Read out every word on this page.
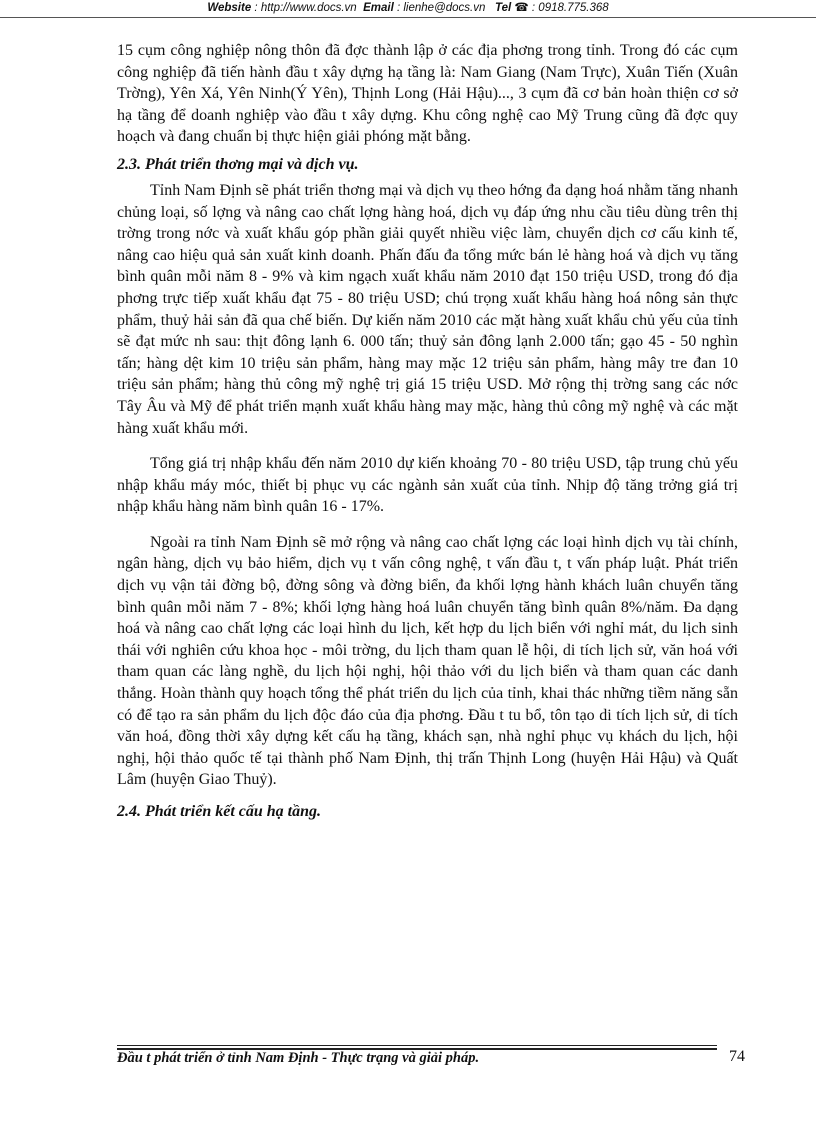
Website : http://www.docs.vn Email : lienhe@docs.vn Tel ☎ : 0918.775.368

15 cụm công nghiệp nông thôn đã đợc thành lập ở các địa phơng trong tỉnh. Trong đó các cụm công nghiệp đã tiến hành đầu t xây dựng hạ tầng là: Nam Giang (Nam Trực), Xuân Tiến (Xuân Trờng), Yên Xá, Yên Ninh(Ý Yên), Thịnh Long (Hải Hậu)..., 3 cụm đã cơ bản hoàn thiện cơ sở hạ tầng để doanh nghiệp vào đầu t xây dựng. Khu công nghệ cao Mỹ Trung cũng đã đợc quy hoạch và đang chuẩn bị thực hiện giải phóng mặt bằng.

2.3. Phát triển thơng mại và dịch vụ.

Tỉnh Nam Định sẽ phát triển thơng mại và dịch vụ theo hớng đa dạng hoá nhằm tăng nhanh chủng loại, số lợng và nâng cao chất lợng hàng hoá, dịch vụ đáp ứng nhu cầu tiêu dùng trên thị trờng trong nớc và xuất khẩu góp phần giải quyết nhiều việc làm, chuyển dịch cơ cấu kinh tế, nâng cao hiệu quả sản xuất kinh doanh. Phấn đấu đa tổng mức bán lẻ hàng hoá và dịch vụ tăng bình quân mỗi năm 8 - 9% và kim ngạch xuất khẩu năm 2010 đạt 150 triệu USD, trong đó địa phơng trực tiếp xuất khẩu đạt 75 - 80 triệu USD; chú trọng xuất khẩu hàng hoá nông sản thực phẩm, thuỷ hải sản đã qua chế biến. Dự kiến năm 2010 các mặt hàng xuất khẩu chủ yếu của tỉnh sẽ đạt mức nh sau: thịt đông lạnh 6. 000 tấn; thuỷ sản đông lạnh 2.000 tấn; gạo 45 - 50 nghìn tấn; hàng dệt kim 10 triệu sản phẩm, hàng may mặc 12 triệu sản phẩm, hàng mây tre đan 10 triệu sản phẩm; hàng thủ công mỹ nghệ trị giá 15 triệu USD. Mở rộng thị trờng sang các nớc Tây Âu và Mỹ để phát triển mạnh xuất khẩu hàng may mặc, hàng thủ công mỹ nghệ và các mặt hàng xuất khẩu mới.

Tổng giá trị nhập khẩu đến năm 2010 dự kiến khoảng 70 - 80 triệu USD, tập trung chủ yếu nhập khẩu máy móc, thiết bị phục vụ các ngành sản xuất của tỉnh. Nhịp độ tăng trởng giá trị nhập khẩu hàng năm bình quân 16 - 17%.

Ngoài ra tỉnh Nam Định sẽ mở rộng và nâng cao chất lợng các loại hình dịch vụ tài chính, ngân hàng, dịch vụ bảo hiểm, dịch vụ t vấn công nghệ, t vấn đầu t, t vấn pháp luật. Phát triển dịch vụ vận tải đờng bộ, đờng sông và đờng biển, đa khối lợng hành khách luân chuyển tăng bình quân mỗi năm 7 - 8%; khối lợng hàng hoá luân chuyển tăng bình quân 8%/năm. Đa dạng hoá và nâng cao chất lợng các loại hình du lịch, kết hợp du lịch biển với nghỉ mát, du lịch sinh thái với nghiên cứu khoa học - môi trờng, du lịch tham quan lễ hội, di tích lịch sử, văn hoá với tham quan các làng nghề, du lịch hội nghị, hội thảo với du lịch biển và tham quan các danh thắng. Hoàn thành quy hoạch tổng thể phát triển du lịch của tỉnh, khai thác những tiềm năng sẵn có để tạo ra sản phẩm du lịch độc đáo của địa phơng. Đầu t tu bổ, tôn tạo di tích lịch sử, di tích văn hoá, đồng thời xây dựng kết cấu hạ tầng, khách sạn, nhà nghỉ phục vụ khách du lịch, hội nghị, hội thảo quốc tế tại thành phố Nam Định, thị trấn Thịnh Long (huyện Hải Hậu) và Quất Lâm (huyện Giao Thuỷ).

2.4. Phát triển kết cấu hạ tầng.
Đầu t phát triển ở tỉnh Nam Định - Thực trạng và giải pháp.	74
